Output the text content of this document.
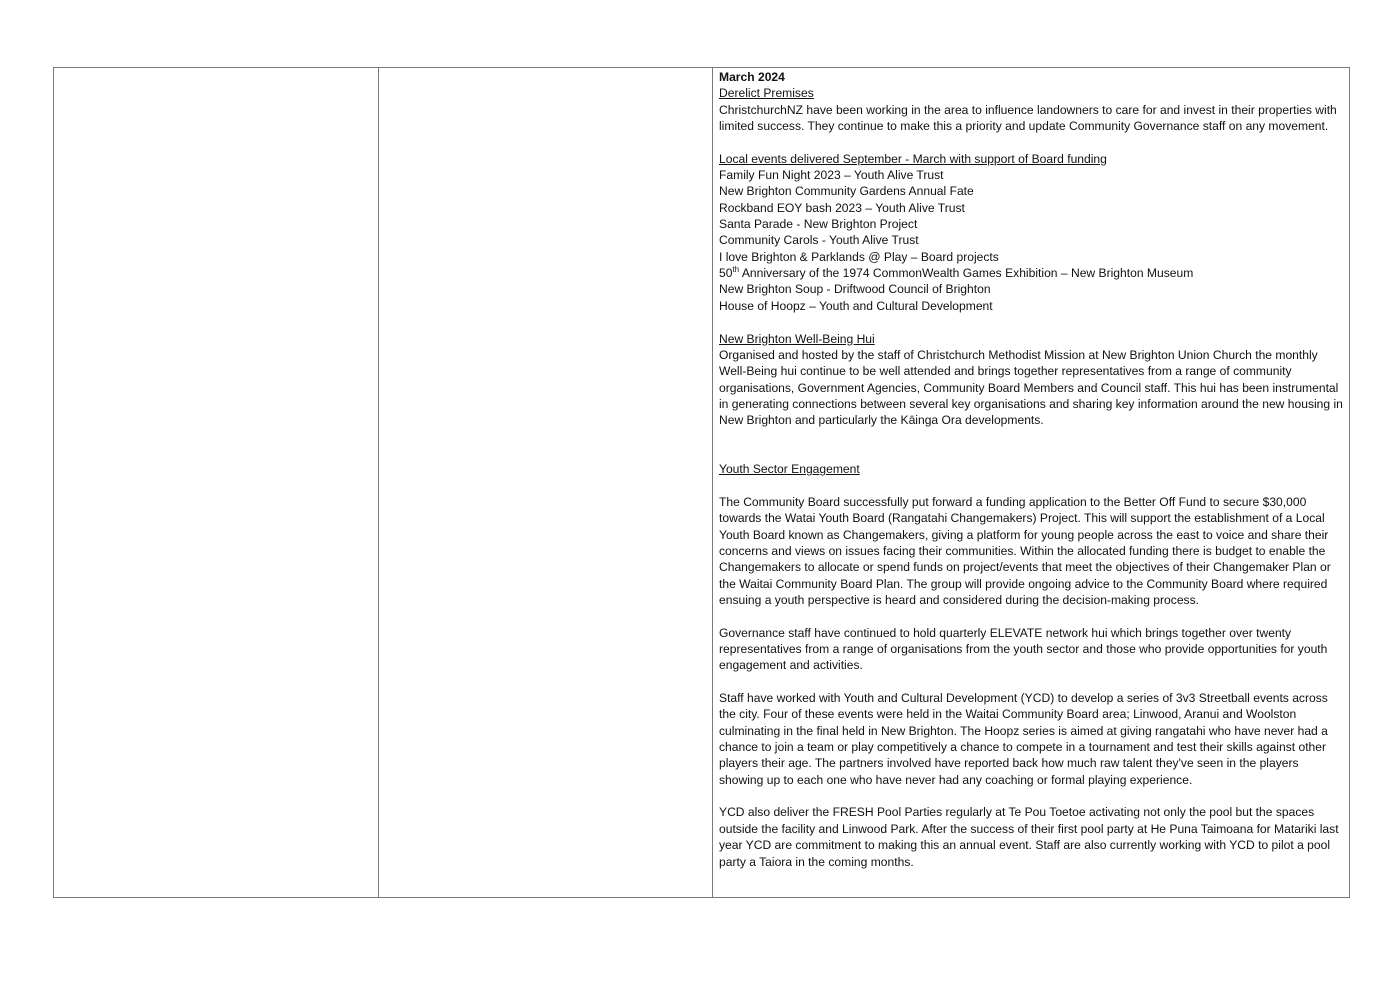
March 2024

Derelict Premises

ChristchurchNZ have been working in the area to influence landowners to care for and invest in their properties with limited success. They continue to make this a priority and update Community Governance staff on any movement.

Local events delivered September - March with support of Board funding

Family Fun Night 2023 – Youth Alive Trust

New Brighton Community Gardens Annual Fate

Rockband EOY bash 2023 – Youth Alive Trust

Santa Parade - New Brighton Project

Community Carols - Youth Alive Trust

I love Brighton & Parklands @ Play – Board projects

50th Anniversary of the 1974 CommonWealth Games Exhibition – New Brighton Museum

New Brighton Soup - Driftwood Council of Brighton

House of Hoopz – Youth and Cultural Development

New Brighton Well-Being Hui

Organised and hosted by the staff of Christchurch Methodist Mission at New Brighton Union Church the monthly Well-Being hui continue to be well attended and brings together representatives from a range of community organisations, Government Agencies, Community Board Members and Council staff. This hui has been instrumental in generating connections between several key organisations and sharing key information around the new housing in New Brighton and particularly the Kāinga Ora developments.

Youth Sector Engagement

The Community Board successfully put forward a funding application to the Better Off Fund to secure $30,000 towards the Watai Youth Board (Rangatahi Changemakers) Project. This will support the establishment of a Local Youth Board known as Changemakers, giving a platform for young people across the east to voice and share their concerns and views on issues facing their communities. Within the allocated funding there is budget to enable the Changemakers to allocate or spend funds on project/events that meet the objectives of their Changemaker Plan or the Waitai Community Board Plan. The group will provide ongoing advice to the Community Board where required ensuing a youth perspective is heard and considered during the decision-making process.

Governance staff have continued to hold quarterly ELEVATE network hui which brings together over twenty representatives from a range of organisations from the youth sector and those who provide opportunities for youth engagement and activities.

Staff have worked with Youth and Cultural Development (YCD) to develop a series of 3v3 Streetball events across the city. Four of these events were held in the Waitai Community Board area; Linwood, Aranui and Woolston culminating in the final held in New Brighton. The Hoopz series is aimed at giving rangatahi who have never had a chance to join a team or play competitively a chance to compete in a tournament and test their skills against other players their age. The partners involved have reported back how much raw talent they've seen in the players showing up to each one who have never had any coaching or formal playing experience.

YCD also deliver the FRESH Pool Parties regularly at Te Pou Toetoe activating not only the pool but the spaces outside the facility and Linwood Park. After the success of their first pool party at He Puna Taimoana for Matariki last year YCD are commitment to making this an annual event. Staff are also currently working with YCD to pilot a pool party a Taiora in the coming months.
